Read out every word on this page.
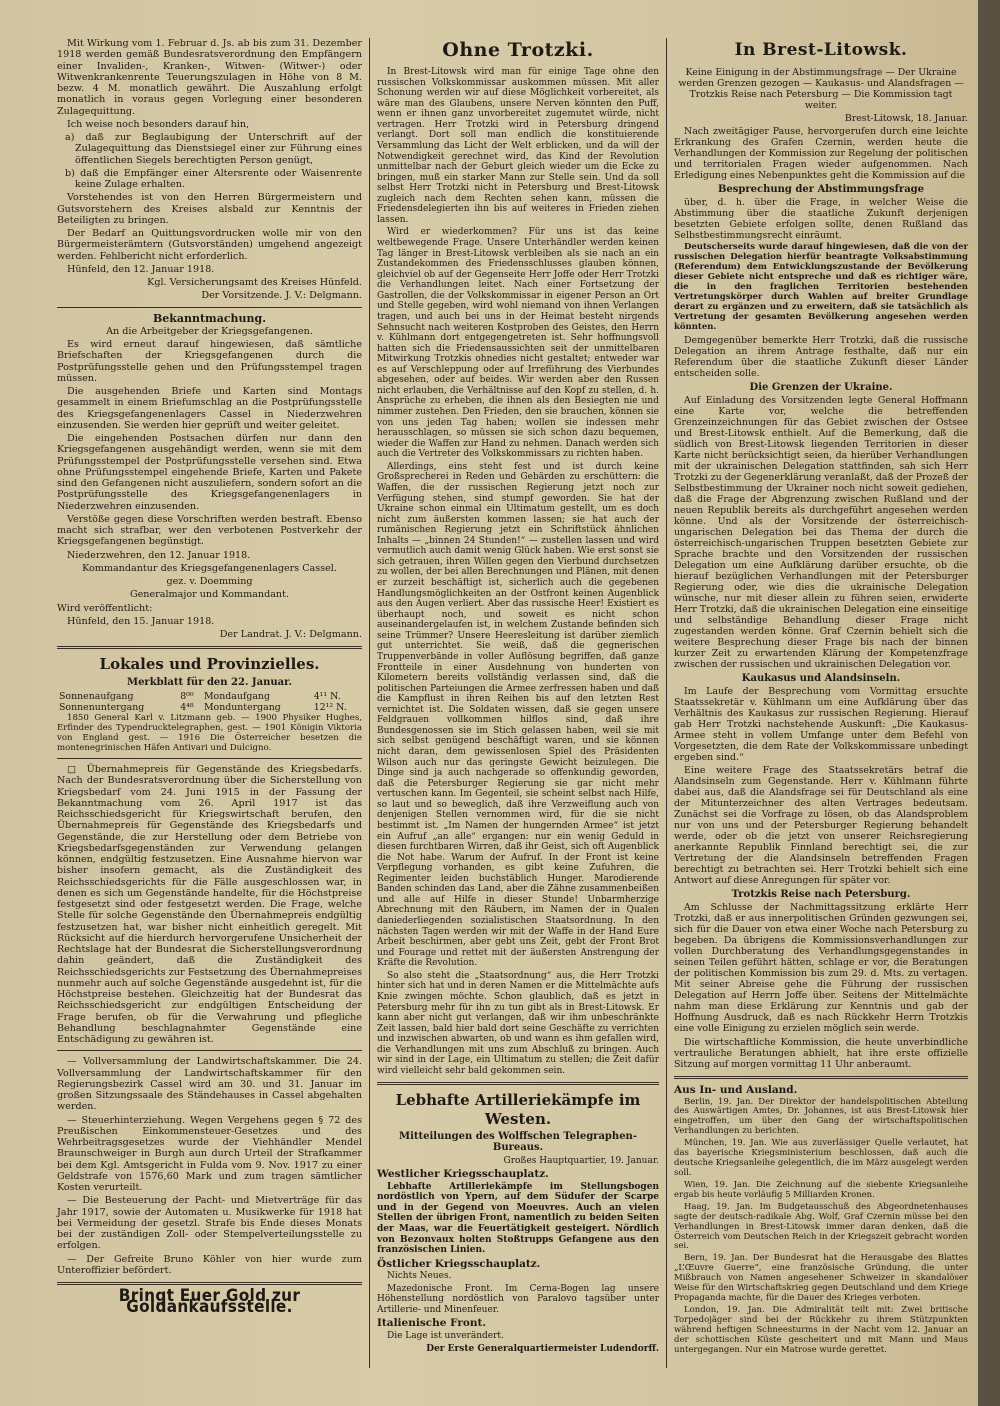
Mit Wirkung vom 1. Februar d. Js. ab bis zum 31. Dezember 1918 werden gemäß Bundesratsverordnung den Empfängern einer Invaliden-, Kranken-, Witwen- (Witwer-) oder Witwenkrankenrente Teuerungszulagen in Höhe von 8 M. bezw. 4 M. monatlich gewährt. Die Auszahlung erfolgt monatlich in voraus gegen Vorlegung einer besonderen Zulagequittung.

Ich weise noch besonders darauf hin,

a) daß zur Beglaubigung der Unterschrift auf der Zulagequittung das Dienstsiegel einer zur Führung eines öffentlichen Siegels berechtigten Person genügt,

b) daß die Empfänger einer Altersrente oder Waisenrente keine Zulage erhalten.

Vorstehendes ist von den Herren Bürgermeistern und Gutsvorstehern des Kreises alsbald zur Kenntnis der Beteiligten zu bringen.

Der Bedarf an Quittungsvordrucken wolle mir von den Bürgermeisterämtern (Gutsvorständen) umgehend angezeigt werden. Fehlbericht nicht erforderlich.

Hünfeld, den 12. Januar 1918.

Kgl. Versicherungsamt des Kreises Hünfeld.

Der Vorsitzende. J. V.: Delgmann.

Bekanntmachung.

An die Arbeitgeber der Kriegsgefangenen.

Es wird erneut darauf hingewiesen, daß sämtliche Briefschaften der Kriegsgefangenen durch die Postprüfungsstelle gehen und den Prüfungsstempel tragen müssen.

Die ausgehenden Briefe und Karten sind Montags gesammelt in einem Briefumschlag an die Postprüfungsstelle des Kriegsgefangenenlagers Cassel in Niederzwehren einzusenden. Sie werden hier geprüft und weiter geleitet.

Die eingehenden Postsachen dürfen nur dann den Kriegsgefangenen ausgehändigt werden, wenn sie mit dem Prüfungsstempel der Postprüfungsstelle versehen sind. Etwa ohne Prüfungsstempel eingehende Briefe, Karten und Pakete sind den Gefangenen nicht auszuliefern, sondern sofort an die Postprüfungsstelle des Kriegsgefangenenlagers in Niederzwehren einzusenden.

Verstöße gegen diese Vorschriften werden bestraft. Ebenso macht sich strafbar, wer den verbotenen Postverkehr der Kriegsgefangenen begünstigt.

Niederzwehren, den 12. Januar 1918.

Kommandantur des Kriegsgefangenenlagers Cassel.

gez. v. Doemming

Generalmajor und Kommandant.

Wird veröffentlicht:

Hünfeld, den 15. Januar 1918.

Der Landrat. J. V.: Delgmann.

Lokales und Provinzielles.
Merkblatt für den 22. Januar.
Sonnenaufgang	8⁰⁰	Mondaufgang	4¹¹ N.
Sonnenuntergang	4⁴⁸	Monduntergang	12¹² N.

1850 General Karl v. Litzmann geb. — 1900 Physiker Hughes, Erfinder des Typendrucktelegraphen, gest. — 1901 Königin Viktoria von England gest. — 1916 Die Österreicher besetzen die montenegrinischen Häfen Antivari und Dulcigno.

□ Übernahmepreis für Gegenstände des Kriegsbedarfs. Nach der Bundesratsverordnung über die Sicherstellung von Kriegsbedarf vom 24. Juni 1915 in der Fassung der Bekanntmachung vom 26. April 1917 ist das Reichsschiedsgericht für Kriegswirtschaft berufen, den Übernahmepreis für Gegenstände des Kriegsbedarfs und Gegenstände, die zur Herstellung oder dem Betriebe von Kriegsbedarfsgegenständen zur Verwendung gelangen können, endgültig festzusetzen. Eine Ausnahme hiervon war bisher insofern gemacht, als die Zuständigkeit des Reichsschiedsgerichts für die Fälle ausgeschlossen war, in denen es sich um Gegenstände handelte, für die Höchstpreise festgesetzt sind oder festgesetzt werden. Die Frage, welche Stelle für solche Gegenstände den Übernahmepreis endgültig festzusetzen hat, war bisher nicht einheitlich geregelt. Mit Rücksicht auf die hierdurch hervorgerufene Unsicherheit der Rechtslage hat der Bundesrat die Sicherstellungsverordnung dahin geändert, daß die Zuständigkeit des Reichsschiedsgerichts zur Festsetzung des Übernahmepreises nunmehr auch auf solche Gegenstände ausgedehnt ist, für die Höchstpreise bestehen. Gleichzeitig hat der Bundesrat das Reichsschiedsgericht zur endgültigen Entscheidung der Frage berufen, ob für die Verwahrung und pflegliche Behandlung beschlagnahmter Gegenstände eine Entschädigung zu gewähren ist.

— Vollversammlung der Landwirtschaftskammer. Die 24. Vollversammlung der Landwirtschaftskammer für den Regierungsbezirk Cassel wird am 30. und 31. Januar im großen Sitzungssaale des Ständehauses in Cassel abgehalten werden.

— Steuerhinterziehung. Wegen Vergehens gegen § 72 des Preußischen Einkommensteuer-Gesetzes und des Wehrbeitragsgesetzes wurde der Viehhändler Mendel Braunschweiger in Burgh aun durch Urteil der Strafkammer bei dem Kgl. Amtsgericht in Fulda vom 9. Nov. 1917 zu einer Geldstrafe von 1576,60 Mark und zum tragen sämtlicher Kosten verurteilt.

— Die Besteuerung der Pacht- und Mietverträge für das Jahr 1917, sowie der Automaten u. Musikwerke für 1918 hat bei Vermeidung der gesetzl. Strafe bis Ende dieses Monats bei der zuständigen Zoll- oder Stempelverteilungsstelle zu erfolgen.

— Der Gefreite Bruno Köhler von hier wurde zum Unteroffizier befördert.

Bringt Euer Gold zur Goldankaufsstelle.
Ohne Trotzki.

In Brest-Litowsk wird man für einige Tage ohne den russischen Volkskommissar auskommen müssen. Mit aller Schonung werden wir auf diese Möglichkeit vorbereitet, als wäre man des Glaubens, unsere Nerven könnten den Puff, wenn er ihnen ganz unvorbereitet zugemutet würde, nicht vertragen. Herr Trotzki wird in Petersburg dringend verlangt. Dort soll man endlich die konstituierende Versammlung das Licht der Welt erblicken, und da will der Notwendigkeit gerechnet wird, das Kind der Revolution unmittelbar nach der Geburt gleich wieder um die Ecke zu bringen, muß ein starker Mann zur Stelle sein. Und da soll selbst Herr Trotzki nicht in Petersburg und Brest-Litowsk zugleich nach dem Rechten sehen kann, müssen die Friedensdelegierten ihn bis auf weiteres in Frieden ziehen lassen.

Wird er wiederkommen? Für uns ist das keine weltbewegende Frage. Unsere Unterhändler werden keinen Tag länger in Brest-Litowsk verbleiben als sie nach an ein Zustandekommen des Friedensschlusses glauben können, gleichviel ob auf der Gegenseite Herr Joffe oder Herr Trotzki die Verhandlungen leitet. Nach einer Fortsetzung der Gastrollen, die der Volkskommissar in eigener Person an Ort und Stelle gegeben, wird wohl niemand von ihnen Verlangen tragen, und auch bei uns in der Heimat besteht nirgends Sehnsucht nach weiteren Kostproben des Geistes, den Herrn v. Kühlmann dort entgegengetreten ist. Sehr hoffnungsvoll hatten sich die Friedensaussichten seit der unmittelbaren Mitwirkung Trotzkis ohnedies nicht gestaltet; entweder war es auf Verschleppung oder auf Irreführung des Vierbundes abgesehen, oder auf beides. Wir werden aber den Russen nicht erlauben, die Verhältnisse auf den Kopf zu stellen, d. h. Ansprüche zu erheben, die ihnen als den Besiegten nie und nimmer zustehen. Den Frieden, den sie brauchen, können sie von uns jeden Tag haben; wollen sie indessen mehr herausschlagen, so müssen sie sich schon dazu bequemen, wieder die Waffen zur Hand zu nehmen. Danach werden sich auch die Vertreter des Volkskommissars zu richten haben.

Allerdings, eins steht fest und ist durch keine Großsprecherei in Reden und Gebärden zu erschüttern: die Waffen, die der russischen Regierung jetzt noch zur Verfügung stehen, sind stumpf geworden. Sie hat der Ukraine schon einmal ein Ultimatum gestellt, um es doch nicht zum äußersten kommen lassen; sie hat auch der rumänischen Regierung jetzt ein Schriftstück ähnlichen Inhalts — „binnen 24 Stunden!“ — zustellen lassen und wird vermutlich auch damit wenig Glück haben. Wie erst sonst sie sich getrauen, ihren Willen gegen den Vierbund durchsetzen zu wollen, der bei allen Berechnungen und Plänen, mit denen er zurzeit beschäftigt ist, sicherlich auch die gegebenen Handlungsmöglichkeiten an der Ostfront keinen Augenblick aus den Augen verliert. Aber das russische Heer! Existiert es überhaupt noch, und soweit es nicht schon auseinandergelaufen ist, in welchem Zustande befinden sich seine Trümmer? Unsere Heeresleitung ist darüber ziemlich gut unterrichtet. Sie weiß, daß die gegnerischen Truppenverbände in voller Auflösung begriffen, daß ganze Frontteile in einer Ausdehnung von hunderten von Kilometern bereits vollständig verlassen sind, daß die politischen Parteiungen die Armee zerfressen haben und daß die Kampflust in ihren Reihen bis auf den letzten Rest vernichtet ist. Die Soldaten wissen, daß sie gegen unsere Feldgrauen vollkommen hilflos sind, daß ihre Bundesgenossen sie im Stich gelassen haben, weil sie mit sich selbst genügend beschäftigt waren, und sie können nicht daran, dem gewissenlosen Spiel des Präsidenten Wilson auch nur das geringste Gewicht beizulegen. Die Dinge sind ja auch nachgerade so offenkundig geworden, daß die Petersburger Regierung sie gar nicht mehr vertuschen kann. Im Gegenteil, sie scheint selbst nach Hilfe, so laut und so beweglich, daß ihre Verzweiflung auch von denjenigen Stellen vernommen wird, für die sie nicht bestimmt ist. „Im Namen der hungernden Armee“ ist jetzt ein Aufruf „an alle“ ergangen: nur ein wenig Geduld in diesen furchtbaren Wirren, daß ihr Geist, sich oft Augenblick die Not habe. Warum der Aufruf. In der Front ist keine Verpflegung vorhanden, es gibt keine Zufuhren, die Regimenter leiden buchstäblich Hunger. Marodierende Banden schinden das Land, aber die Zähne zusammenbeißen und alle auf Hilfe in dieser Stunde! Unbarmherzige Abrechnung mit den Räubern, im Namen der in Qualen daniederliegenden sozialistischen Staatsordnung. In den nächsten Tagen werden wir mit der Waffe in der Hand Eure Arbeit beschirmen, aber gebt uns Zeit, gebt der Front Brot und Fourage und rettet mit der äußersten Anstrengung der Kräfte die Revolution.

So also steht die „Staatsordnung“ aus, die Herr Trotzki hinter sich hat und in deren Namen er die Mittelmächte aufs Knie zwingen möchte. Schon glaublich, daß es jetzt in Petersburg mehr für ihn zu tun gibt als in Brest-Litowsk. Er kann aber nicht gut verlangen, daß wir ihm unbeschränkte Zeit lassen, bald hier bald dort seine Geschäfte zu verrichten und inzwischen abwarten, ob und wann es ihm gefallen wird, die Verhandlungen mit uns zum Abschluß zu bringen. Auch wir sind in der Lage, ein Ultimatum zu stellen; die Zeit dafür wird vielleicht sehr bald gekommen sein.

Lebhafte Artilleriekämpfe im Westen.
Mitteilungen des Wolffschen Telegraphen-Bureaus.

Großes Hauptquartier, 19. Januar.

Westlicher Kriegsschauplatz.

Lebhafte Artilleriekämpfe im Stellungsbogen nordöstlich von Ypern, auf dem Südufer der Scarpe und in der Gegend von Moeuvres. Auch an vielen Stellen der übrigen Front, namentlich zu beiden Seiten der Maas, war die Feuertätigkeit gesteigert. Nördlich von Bezonvaux holten Stoßtrupps Gefangene aus den französischen Linien.

Östlicher Kriegsschauplatz.

Nichts Neues.

Mazedonische Front. Im Cerna-Bogen lag unsere Höhenstellung nordöstlich von Paralovo tagsüber unter Artillerie- und Minenfeuer.

Italienische Front.

Die Lage ist unverändert.

Der Erste Generalquartiermeister Ludendorff.

In Brest-Litowsk.

Keine Einigung in der Abstimmungsfrage — Der Ukraine werden Grenzen gezogen — Kaukasus- und Alandsfragen — Trotzkis Reise nach Petersburg — Die Kommission tagt weiter.

Brest-Litowsk, 18. Januar.

Nach zweitägiger Pause, hervorgerufen durch eine leichte Erkrankung des Grafen Czernin, werden heute die Verhandlungen der Kommission zur Regelung der politischen und territorialen Fragen wieder aufgenommen. Nach Erledigung eines Nebenpunktes geht die Kommission auf die

Besprechung der Abstimmungsfrage

über, d. h. über die Frage, in welcher Weise die Abstimmung über die staatliche Zukunft derjenigen besetzten Gebiete erfolgen sollte, denen Rußland das Selbstbestimmungsrecht einräumt.

Deutscherseits wurde darauf hingewiesen, daß die von der russischen Delegation hierfür beantragte Volksabstimmung (Referendum) dem Entwicklungszustande der Bevölkerung dieser Gebiete nicht entspreche und daß es richtiger wäre, die in den fraglichen Territorien bestehenden Vertretungskörper durch Wahlen auf breiter Grundlage derart zu ergänzen und zu erweitern, daß sie tatsächlich als Vertretung der gesamten Bevölkerung angesehen werden könnten.

Demgegenüber bemerkte Herr Trotzki, daß die russische Delegation an ihrem Antrage festhalte, daß nur ein Referendum über die staatliche Zukunft dieser Länder entscheiden solle.

Die Grenzen der Ukraine.

Auf Einladung des Vorsitzenden legte General Hoffmann eine Karte vor, welche die betreffenden Grenzeinzeichnungen für das Gebiet zwischen der Ostsee und Brest-Litowsk enthielt. Auf die Bemerkung, daß die südlich von Brest-Litowsk liegenden Territorien in dieser Karte nicht berücksichtigt seien, da hierüber Verhandlungen mit der ukrainischen Delegation stattfinden, sah sich Herr Trotzki zu der Gegenerklärung veranlaßt, daß der Prozeß der Selbstbestimmung der Ukrainer noch nicht soweit gediehen, daß die Frage der Abgrenzung zwischen Rußland und der neuen Republik bereits als durchgeführt angesehen werden könne. Und als der Vorsitzende der österreichisch-ungarischen Delegation bei das Thema der durch die österreichisch-ungarischen Truppen besetzten Gebiete zur Sprache brachte und den Vorsitzenden der russischen Delegation um eine Aufklärung darüber ersuchte, ob die hierauf bezüglichen Verhandlungen mit der Petersburger Regierung oder, wie dies die ukrainische Delegation wünsche, nur mit dieser allein zu führen seien, erwiderte Herr Trotzki, daß die ukrainischen Delegation eine einseitige und selbständige Behandlung dieser Frage nicht zugestanden werden könne. Graf Czernin behielt sich die weitere Besprechung dieser Frage bis nach der binnen kurzer Zeit zu erwartenden Klärung der Kompetenzfrage zwischen der russischen und ukrainischen Delegation vor.

Kaukasus und Alandsinseln.

Im Laufe der Besprechung vom Vormittag ersuchte Staatssekretär v. Kühlmann um eine Aufklärung über das Verhältnis des Kaukasus zur russischen Regierung. Hierauf gab Herr Trotzki nachstehende Auskunft: „Die Kaukasus-Armee steht in vollem Umfange unter dem Befehl von Vorgesetzten, die dem Rate der Volkskommissare unbedingt ergeben sind.“

Eine weitere Frage des Staatssekretärs betraf die Alandsinseln zum Gegenstande. Herr v. Kühlmann führte dabei aus, daß die Alandsfrage sei für Deutschland als eine der Mitunterzeichner des alten Vertrages bedeutsam. Zunächst sei die Vorfrage zu lösen, ob das Alandsproblem nur von uns und der Petersburger Regierung behandelt werde, oder ob die jetzt von unserer Reichsregierung anerkannte Republik Finnland berechtigt sei, die zur Vertretung der die Alandsinseln betreffenden Fragen berechtigt zu betrachten sei. Herr Trotzki behielt sich eine Antwort auf diese Anregungen für später vor.

Trotzkis Reise nach Petersburg.

Am Schlusse der Nachmittagssitzung erklärte Herr Trotzki, daß er aus innerpolitischen Gründen gezwungen sei, sich für die Dauer von etwa einer Woche nach Petersburg zu begeben. Da übrigens die Kommissionsverhandlungen zur vollen Durchberatung des Verhandlungsgegenstandes in seinen Teilen geführt hätten, schlage er vor, die Beratungen der politischen Kommission bis zum 29. d. Mts. zu vertagen. Mit seiner Abreise gehe die Führung der russischen Delegation auf Herrn Joffe über. Seitens der Mittelmächte nahm man diese Erklärung zur Kenntnis und gab der Hoffnung Ausdruck, daß es nach Rückkehr Herrn Trotzkis eine volle Einigung zu erzielen möglich sein werde.

Die wirtschaftliche Kommission, die heute unverbindliche vertrauliche Beratungen abhielt, hat ihre erste offizielle Sitzung auf morgen vormittag 11 Uhr anberaumt.

Aus In- und Ausland.

Berlin, 19. Jan. Der Direktor der handelspolitischen Abteilung des Auswärtigen Amtes, Dr. Johannes, ist aus Brest-Litowsk hier eingetroffen, um über den Gang der wirtschaftspolitischen Verhandlungen zu berichten.

München, 19. Jan. Wie aus zuverlässiger Quelle verlautet, hat das bayerische Kriegsministerium beschlossen, daß auch die deutsche Kriegsanleihe gelegentlich, die im März ausgelegt werden soll.

Wien, 19. Jan. Die Zeichnung auf die siebente Kriegsanleihe ergab bis heute vorläufig 5 Milliarden Kronen.

Haag, 19. Jan. Im Budgetausschuß des Abgeordnetenhauses sagte der deutsch-radikale Abg. Wolf, Graf Czernin müsse bei den Verhandlungen in Brest-Litowsk immer daran denken, daß die Österreich vom Deutschen Reich in der Kriegszeit gebracht worden sei.

Bern, 19. Jan. Der Bundesrat hat die Herausgabe des Blattes „L’Œuvre Guerre“, eine französische Gründung, die unter Mißbrauch von Namen angesehener Schweizer in skandalöser Weise für den Wirtschaftskrieg gegen Deutschland und dem Kriege Propaganda machte, für die Dauer des Krieges verboten.

London, 19. Jan. Die Admiralität teilt mit: Zwei britische Torpedojäger sind bei der Rückkehr zu ihrem Stützpunkten während heftigen Schneesturms in der Nacht vom 12. Januar an der schottischen Küste gescheitert und mit Mann und Maus untergegangen. Nur ein Matrose wurde gerettet.
